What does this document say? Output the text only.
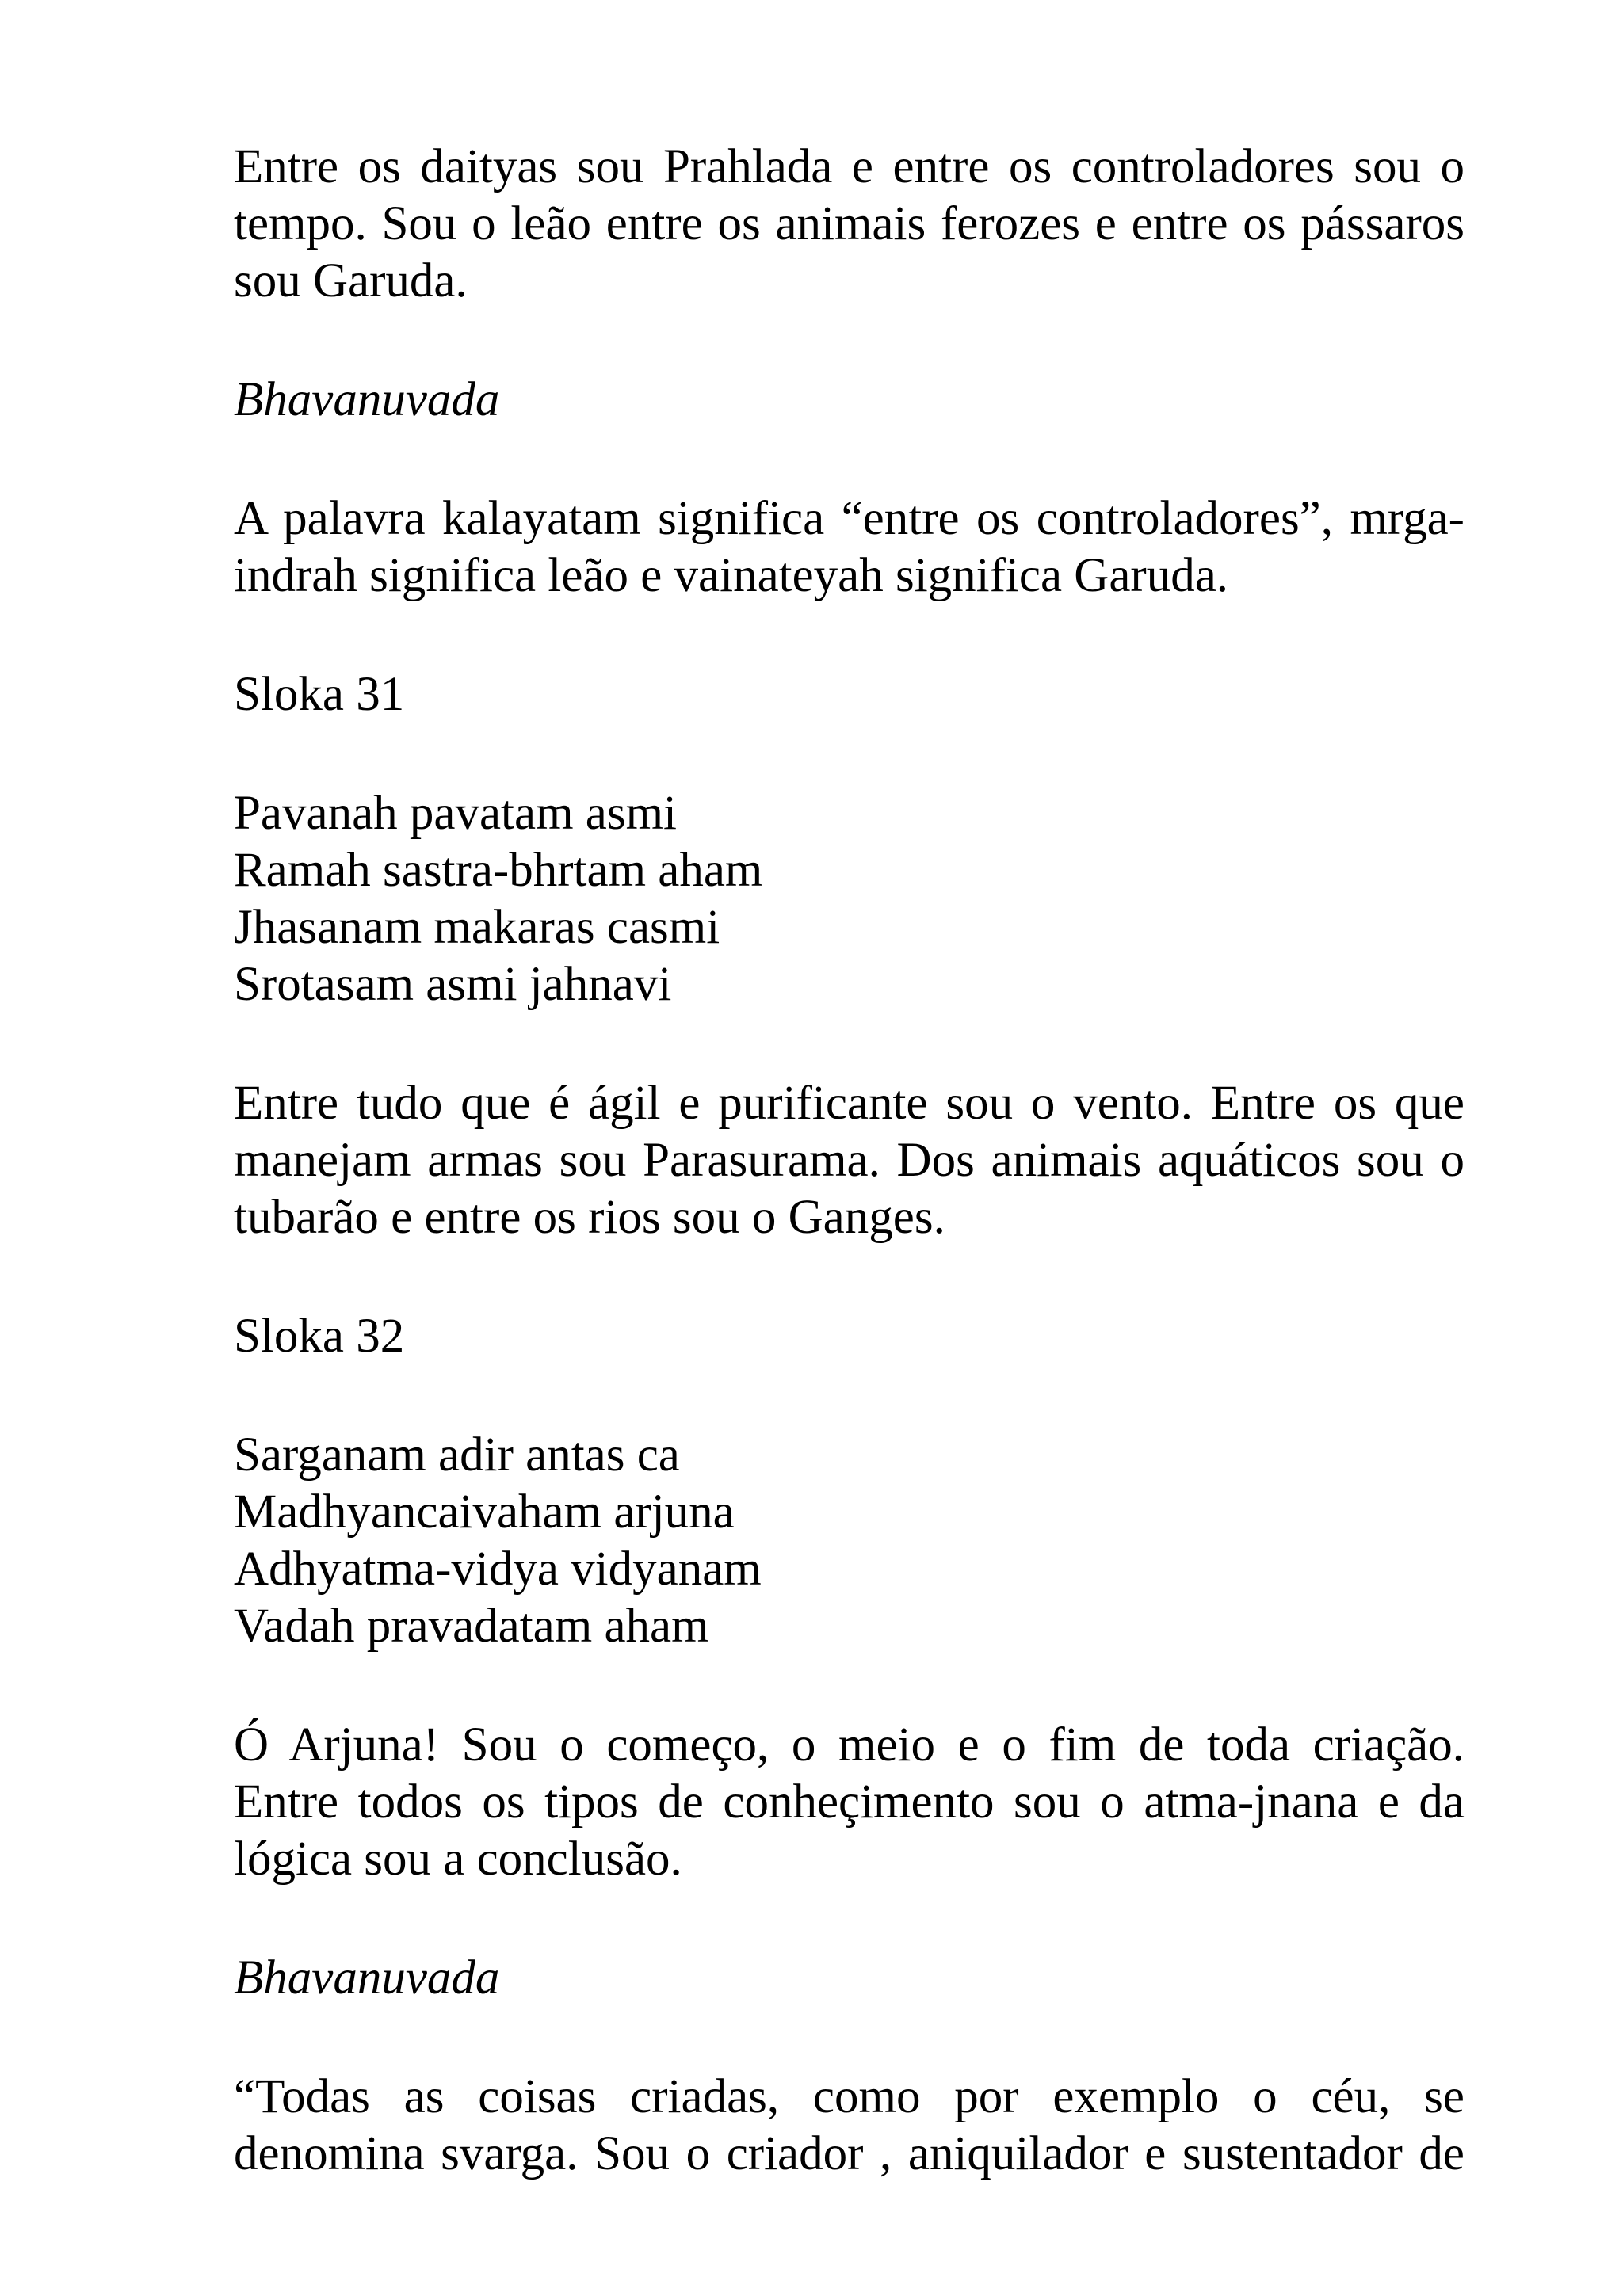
Entre os daityas sou Prahlada e entre os controladores sou o
tempo. Sou o leão entre os animais ferozes e entre os pássaros
sou Garuda.

Bhavanuvada

A palavra kalayatam significa “entre os controladores”, mrga-
indrah significa leão e vainateyah significa Garuda.

Sloka 31

Pavanah pavatam asmi
Ramah sastra-bhrtam aham
Jhasanam makaras casmi
Srotasam asmi jahnavi

Entre tudo que é ágil e purificante sou o vento. Entre os que
manejam armas sou Parasurama. Dos animais aquáticos sou o
tubarão e entre os rios sou o Ganges.

Sloka 32

Sarganam adir antas ca
Madhyancaivaham arjuna
Adhyatma-vidya vidyanam
Vadah pravadatam aham

Ó Arjuna! Sou o começo, o meio e o fim de toda criação.
Entre todos os tipos de conheçimento sou o atma-jnana e da
lógica sou a conclusão.

Bhavanuvada

“Todas as coisas criadas, como por exemplo o céu, se
denomina svarga. Sou o criador , aniquilador e sustentador de
